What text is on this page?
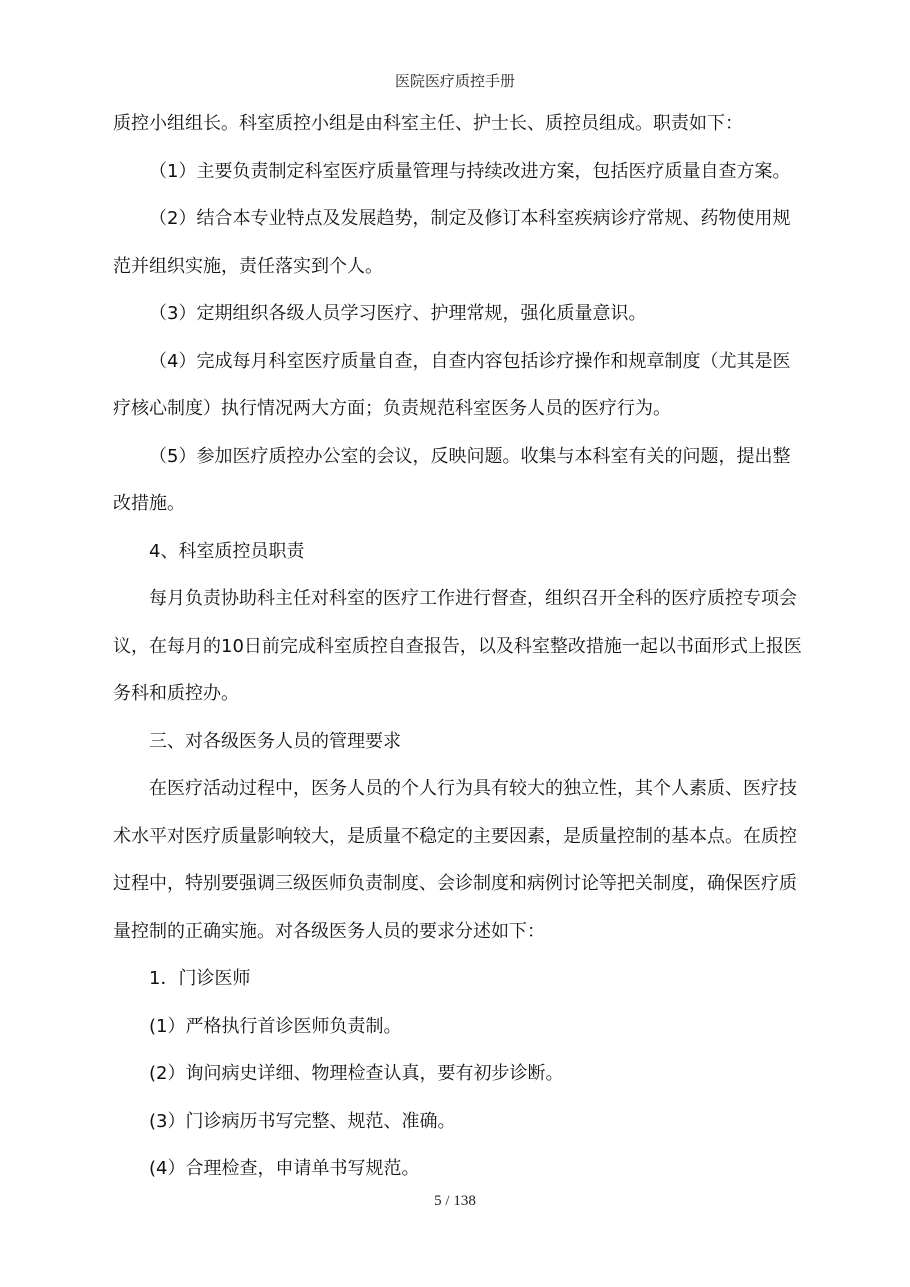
医院医疗质控手册

质控小组组长。科室质控小组是由科室主任、护士长、质控员组成。职责如下：

（1）主要负责制定科室医疗质量管理与持续改进方案，包括医疗质量自查方案。

（2）结合本专业特点及发展趋势，制定及修订本科室疾病诊疗常规、药物使用规范并组织实施，责任落实到个人。

（3）定期组织各级人员学习医疗、护理常规，强化质量意识。

（4）完成每月科室医疗质量自查，自查内容包括诊疗操作和规章制度（尤其是医疗核心制度）执行情况两大方面；负责规范科室医务人员的医疗行为。

（5）参加医疗质控办公室的会议，反映问题。收集与本科室有关的问题，提出整改措施。

4、科室质控员职责

每月负责协助科主任对科室的医疗工作进行督查，组织召开全科的医疗质控专项会议，在每月的10日前完成科室质控自查报告，以及科室整改措施一起以书面形式上报医务科和质控办。

三、对各级医务人员的管理要求

在医疗活动过程中，医务人员的个人行为具有较大的独立性，其个人素质、医疗技术水平对医疗质量影响较大，是质量不稳定的主要因素，是质量控制的基本点。在质控过程中，特别要强调三级医师负责制度、会诊制度和病例讨论等把关制度，确保医疗质量控制的正确实施。对各级医务人员的要求分述如下：

1．门诊医师

(1）严格执行首诊医师负责制。

(2）询问病史详细、物理检查认真，要有初步诊断。

(3）门诊病历书写完整、规范、准确。

(4）合理检查，申请单书写规范。

5 / 138
